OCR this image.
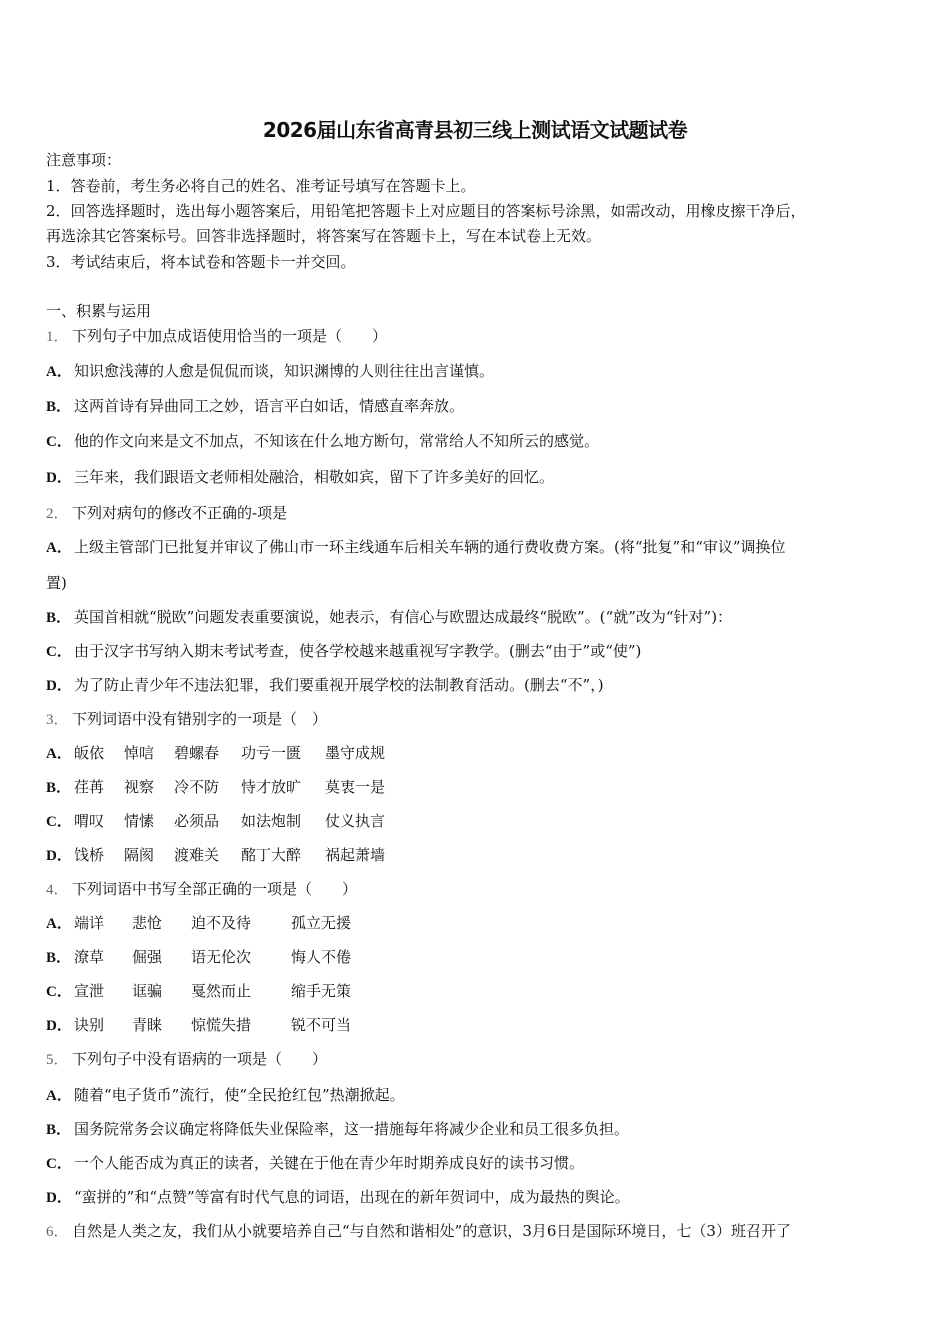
2026届山东省高青县初三线上测试语文试题试卷
注意事项：
1．答卷前，考生务必将自己的姓名、准考证号填写在答题卡上。
2．回答选择题时，选出每小题答案后，用铅笔把答题卡上对应题目的答案标号涂黑，如需改动，用橡皮擦干净后，
再选涂其它答案标号。回答非选择题时，将答案写在答题卡上，写在本试卷上无效。
3．考试结束后，将本试卷和答题卡一并交回。
一、积累与运用
1． 下列句子中加点成语使用恰当的一项是（　　）
A． 知识愈浅薄的人愈是侃侃而谈，知识渊博的人则往往出言谨慎。
B． 这两首诗有异曲同工之妙，语言平白如话，情感直率奔放。
C． 他的作文向来是文不加点，不知该在什么地方断句，常常给人不知所云的感觉。
D． 三年来，我们跟语文老师相处融洽，相敬如宾，留下了许多美好的回忆。
2． 下列对病句的修改不正确的-项是
A． 上级主管部门已批复并审议了佛山市一环主线通车后相关车辆的通行费收费方案。(将“批复”和“审议”调换位
置)
B． 英国首相就“脱欧”问题发表重要演说，她表示，有信心与欧盟达成最终“脱欧”。(“就”改为“针对”)：
C． 由于汉字书写纳入期末考试考查，使各学校越来越重视写字教学。(删去“由于”或“使”)
D． 为了防止青少年不违法犯罪，我们要重视开展学校的法制教育活动。(删去“不”，)
3． 下列词语中没有错别字的一项是（　）
A． 皈依 悼唁 碧螺春 功亏一匮 墨守成规
B． 荏苒 视察 冷不防 恃才放旷 莫衷一是
C． 喟叹 情愫 必须品 如法炮制 仗义执言
D． 饯桥 隔阂 渡难关 酩丁大醉 祸起萧墙
4． 下列词语中书写全部正确的一项是（　　）
A． 端详 悲怆 迫不及待	孤立无援
B． 潦草 倔强 语无伦次	悔人不倦
C． 宣泄 诓骗 戛然而止	缩手无策
D． 诀别 青睐 惊慌失措	锐不可当
5． 下列句子中没有语病的一项是（　　）
A． 随着“电子货币”流行，使“全民抢红包”热潮掀起。
B． 国务院常务会议确定将降低失业保险率，这一措施每年将减少企业和员工很多负担。
C． 一个人能否成为真正的读者，关键在于他在青少年时期养成良好的读书习惯。
D． “蛮拼的”和“点赞”等富有时代气息的词语，出现在的新年贺词中，成为最热的舆论。
6． 自然是人类之友，我们从小就要培养自己“与自然和谐相处”的意识，3月6日是国际环境日，七（3）班召开了
